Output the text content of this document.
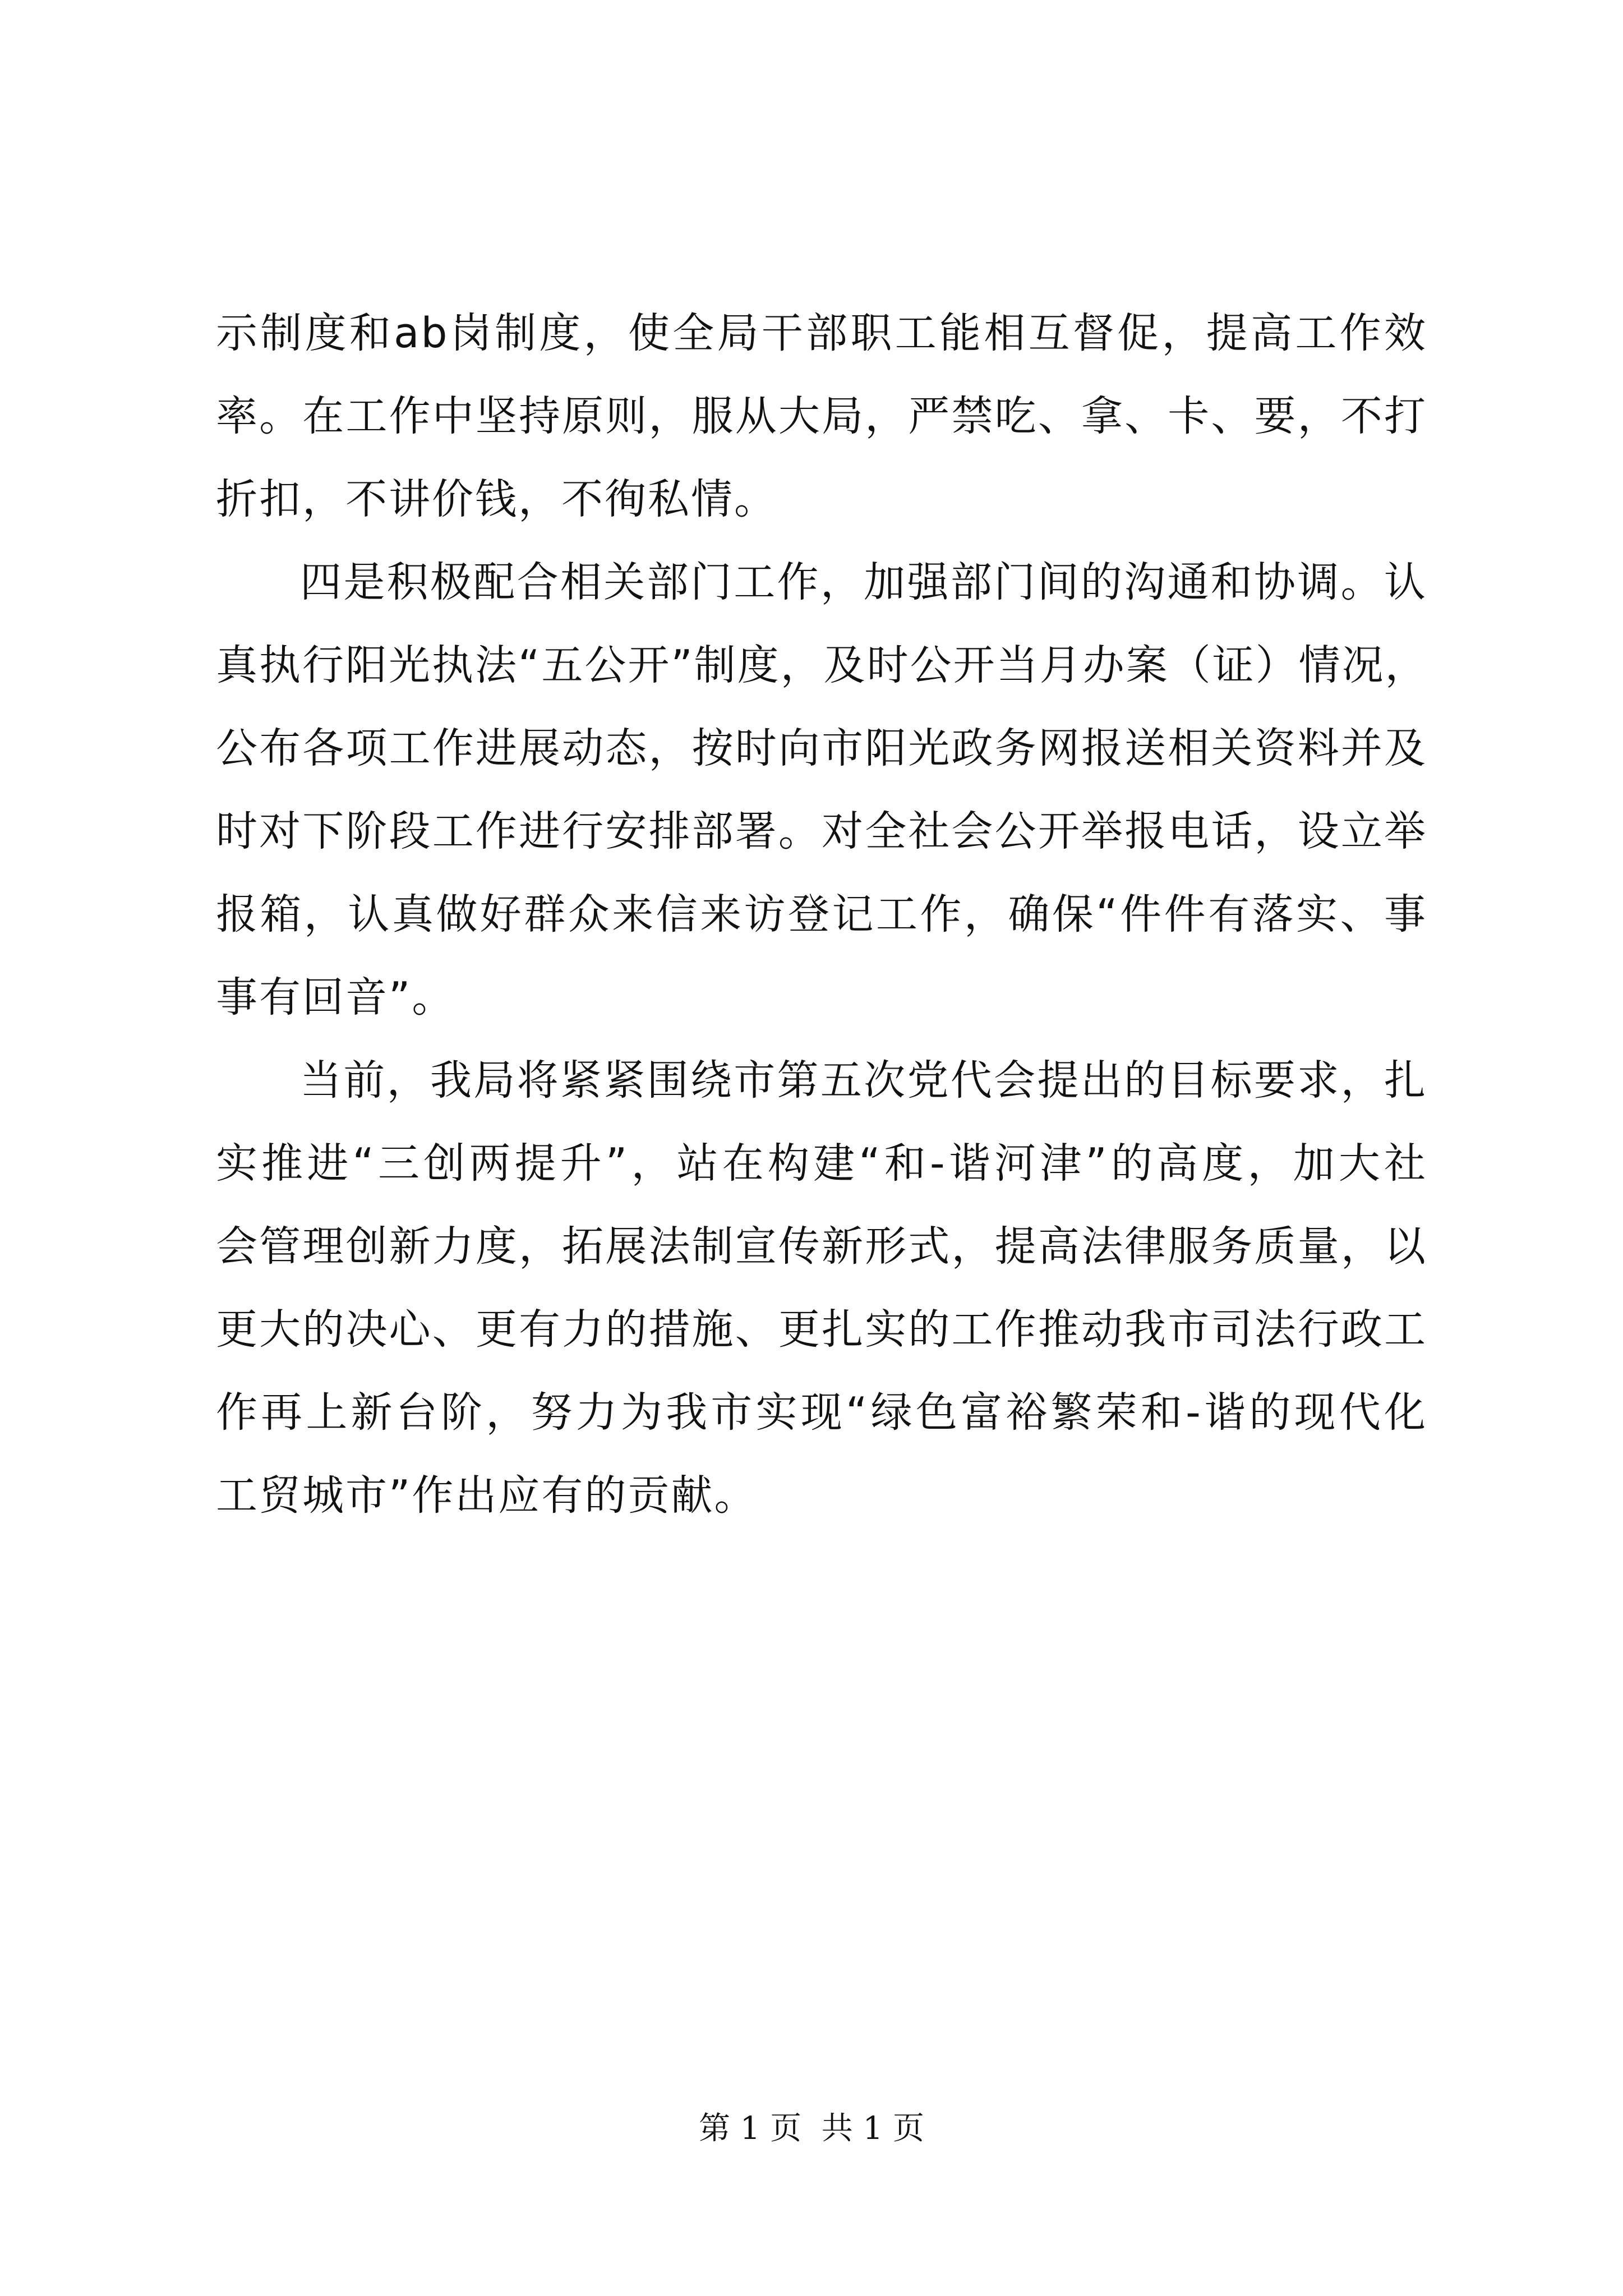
示制度和ab岗制度，使全局干部职工能相互督促，提高工作效
率。在工作中坚持原则，服从大局，严禁吃、拿、卡、要，不打
折扣，不讲价钱，不徇私情。
四是积极配合相关部门工作，加强部门间的沟通和协调。认
真执行阳光执法“五公开”制度，及时公开当月办案（证）情况，
公布各项工作进展动态，按时向市阳光政务网报送相关资料并及
时对下阶段工作进行安排部署。对全社会公开举报电话，设立举
报箱，认真做好群众来信来访登记工作，确保“件件有落实、事
事有回音”。
当前，我局将紧紧围绕市第五次党代会提出的目标要求，扎
实推进“三创两提升”，站在构建“和-谐河津”的高度，加大社
会管理创新力度，拓展法制宣传新形式，提高法律服务质量，以
更大的决心、更有力的措施、更扎实的工作推动我市司法行政工
作再上新台阶，努力为我市实现“绿色富裕繁荣和-谐的现代化
工贸城市”作出应有的贡献。
第 1 页  共 1 页
